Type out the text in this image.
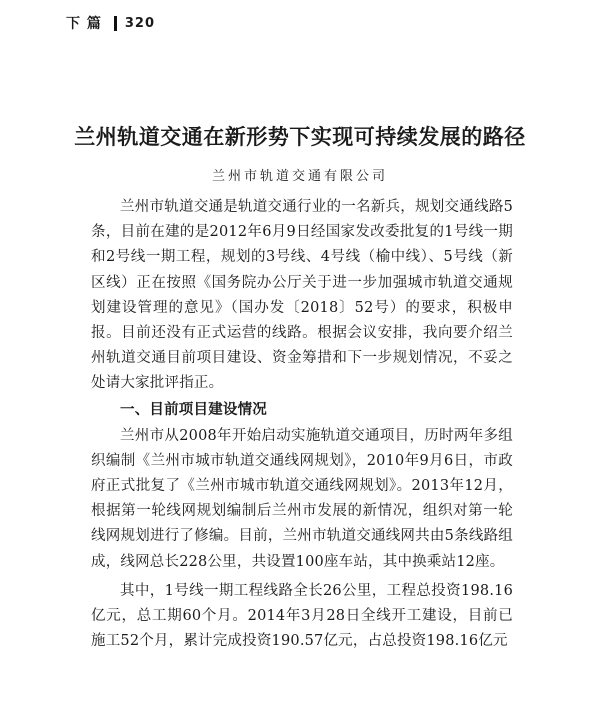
下 篇 320
兰州轨道交通在新形势下实现可持续发展的路径
兰州市轨道交通有限公司

兰州市轨道交通是轨道交通行业的一名新兵，规划交通线路5条，目前在建的是2012年6月9日经国家发改委批复的1号线一期和2号线一期工程，规划的3号线、4号线（榆中线）、5号线（新区线）正在按照《国务院办公厅关于进一步加强城市轨道交通规划建设管理的意见》（国办发〔2018〕52号）的要求，积极申报。目前还没有正式运营的线路。根据会议安排，我向要介绍兰州轨道交通目前项目建设、资金筹措和下一步规划情况，不妥之处请大家批评指正。

一、目前项目建设情况

兰州市从2008年开始启动实施轨道交通项目，历时两年多组织编制《兰州市城市轨道交通线网规划》，2010年9月6日，市政府正式批复了《兰州市城市轨道交通线网规划》。2013年12月，根据第一轮线网规划编制后兰州市发展的新情况，组织对第一轮线网规划进行了修编。目前，兰州市轨道交通线网共由5条线路组成，线网总长228公里，共设置100座车站，其中换乘站12座。

其中，1号线一期工程线路全长26公里，工程总投资198.16亿元，总工期60个月。2014年3月28日全线开工建设，目前已施工52个月，累计完成投资190.57亿元，占总投资198.16亿元
